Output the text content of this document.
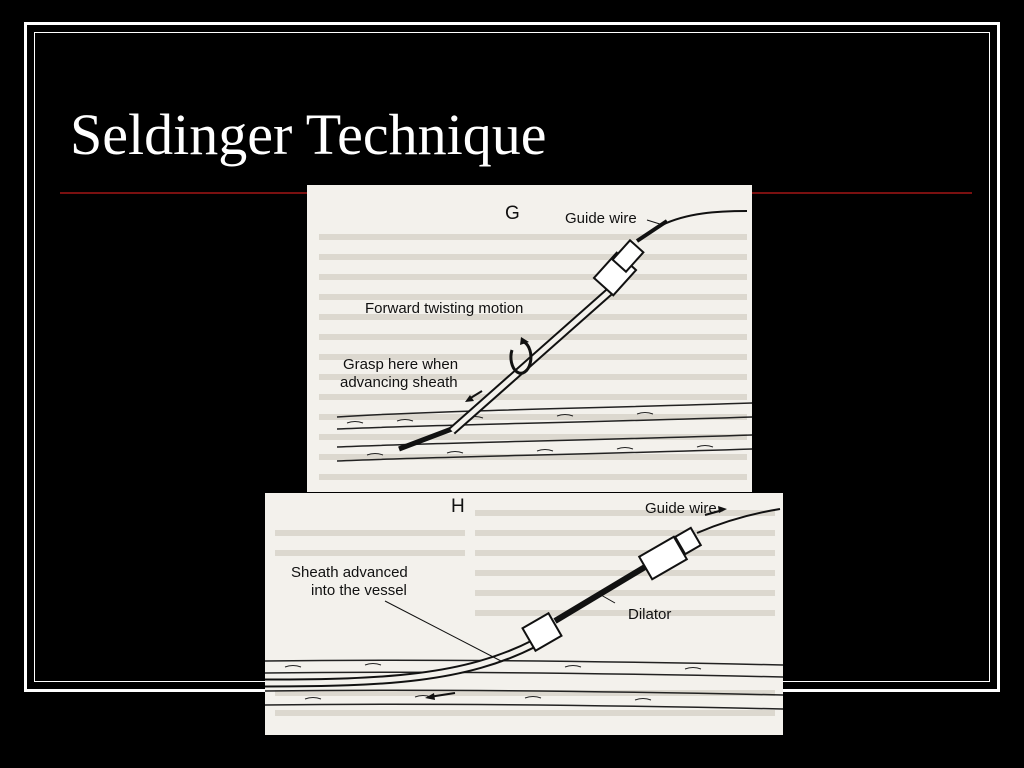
Seldinger Technique
G	Guide wire
Forward twisting motion
Grasp here when
advancing sheath
H	Guide wire
Sheath advanced
into the vessel
Dilator
